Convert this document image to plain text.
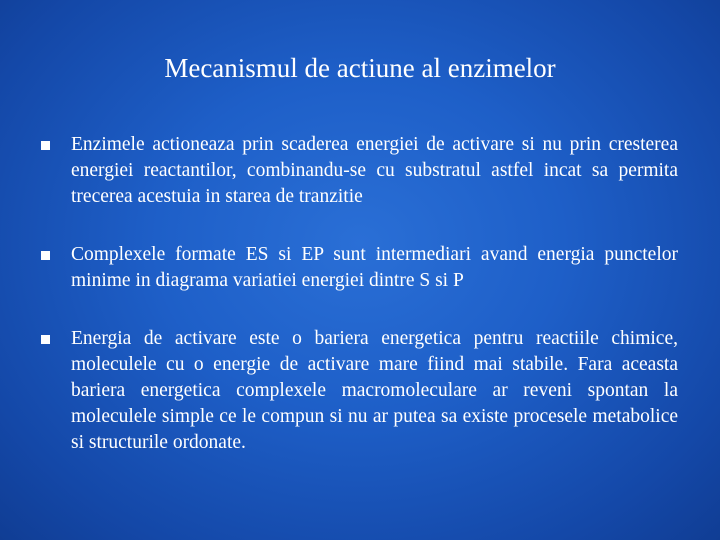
Mecanismul de actiune al enzimelor
Enzimele actioneaza prin scaderea energiei de activare si nu prin cresterea energiei reactantilor, combinandu-se cu substratul astfel incat sa permita trecerea acestuia in starea de tranzitie
Complexele formate ES si EP sunt intermediari avand energia punctelor minime in diagrama variatiei energiei dintre S si P
Energia de activare este o bariera energetica pentru reactiile chimice, moleculele cu o energie de activare mare fiind mai stabile. Fara aceasta bariera energetica complexele macromoleculare ar reveni spontan la moleculele simple ce le compun si nu ar putea sa existe procesele metabolice si structurile ordonate.
